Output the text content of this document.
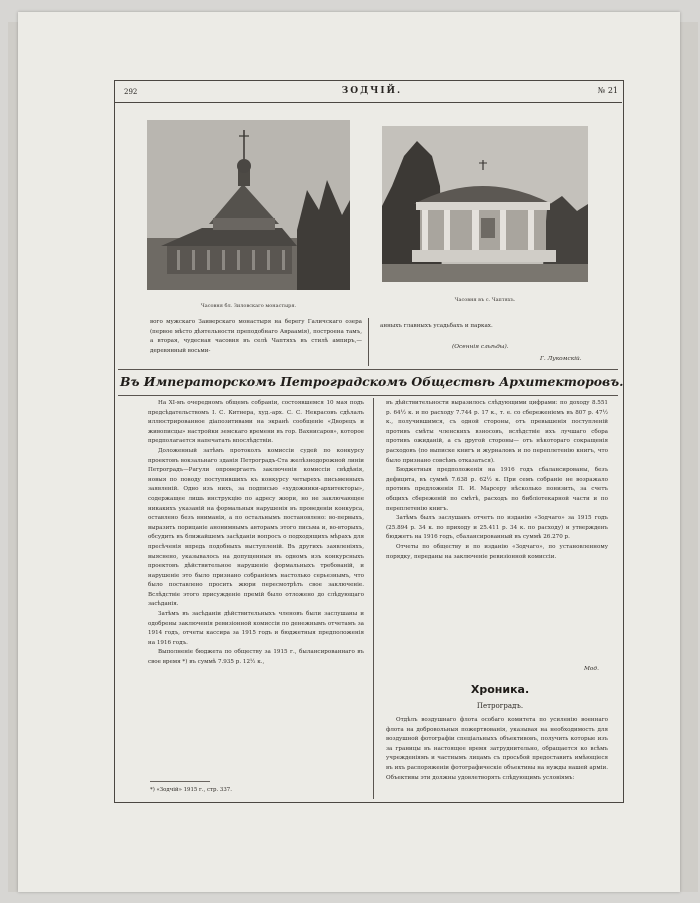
292	ЗОДЧІЙ.	№ 21
Часовня бл. Зиловскаго монастыря.
Часовня въ с. Чаптяхъ.

вого мужскаго Заиверскаго монастыря на берегу Галичскаго озера (первое мѣсто дѣятельности преподобнаго Авраамія), построена тамъ, а вторая, чудесная часовня въ селѣ Чаптяхъ въ стилѣ ампиръ,—деревянный восьми-

анныхъ главныхъ усадьбахъ и парках.

(Осеннiя сльѣды).
Г. Лукомскій.
Въ Императорскомъ Петроградскомъ Обществѣ Архитекторовъ.

На XI-мъ очередномъ общемъ собраніи, состоявшемся 10 мая подъ предсѣдательствомъ I. С. Китнера, худ.-арх. С. С. Некрасовъ сдѣлалъ иллюстрированное діапозитивами на экранѣ сообщеніе «Дворецъ и живописцы» настройки земскаго времени въ гор. Вахнисаров», которое предполагается напечатать впослѣдствіи.

Доложенный затѣмъ протоколъ комиссіи судей по конкурсу проектовъ вокзальнаго зданія Петроградъ-Ста желѣзнодорожной линіи Петроградъ—Рагули опровергаетъ заключенія комиссіи свѣдѣнія, новыя по поводу поступившихъ къ конкурсу четырехъ письменныхъ заявленій. Одно изъ нихъ, за подписью «художники-архитекторы», содержащее лишь инструкцію по адресу жюри, но не заключающее никакихъ указаній на формальныя нарушенія въ проведеніи конкурса, оставлено безъ вниманія, а по остальнымъ постановлено: во-первыхъ, выразить порицаніе анонимнымъ авторамъ этого письма и, во-вторыхъ, обсудить въ ближайшемъ засѣданіи вопросъ о подходящихъ мѣрахъ для пресѣченія впредь подобныхъ выступленій. Въ другихъ заявленіяхъ, выяснено, указывалось на допущенныя въ одномъ изъ конкурсныхъ проектовъ дѣйствительное нарушеніе формальныхъ требованій, и нарушеніе это было признано собраніемъ настолько серьезнымъ, что было поставлено просить жюри пересмотрѣть свое заключеніе. Вслѣдствіе этого присужденіе премій было отложено до слѣдующаго засѣданія.

Затѣмъ въ засѣданіи дѣйствительныхъ членовъ были заслушаны и одобрены заключенія ревизіонной комиссіи по денежнымъ отчетамъ за 1914 годъ, отчеты кассира за 1915 годъ и бюджетныя предположенія на 1916 годъ.

Выполненіе бюджета по обществу за 1915 г., былансированнаго въ свое время *) въ суммѣ 7.935 р. 12½ к.,

*) «Зодчій» 1915 г., стр. 337.

въ дѣйствительности выразилось слѣдующими цифрами: по доходу 8.551 р. 64½ к. и по расходу 7.744 р. 17 к., т. е. со сбереженіемъ въ 807 р. 47½ к., получившимся, съ одной стороны, отъ превышенія поступленій противъ смѣты членскихъ взносовъ, вслѣдствіе ихъ лучшаго сбора противъ ожиданій, а съ другой стороны— отъ нѣкотораго сокращенія расходовъ (по выписке книгъ и журналовъ и по переплетенію книгъ, что было признано совсѣмъ отказаться).

Бюджетныя предположенія на 1916 годъ сбалансированы, безъ дефицита, въ суммѣ 7.638 р. 62½ к. При семъ собраніе не возражало противъ предложенія П. И. Марсеру нѣсколько понизить, за счетъ общихъ сбереженій по смѣтѣ, расходъ по библіотекарной части и по переплетенію книгъ.

Затѣмъ былъ заслушанъ отчетъ по изданію «Зодчаго» за 1915 годъ (25.894 р. 34 к. по приходу и 25.411 р. 34 к. по расходу) и утвержденъ бюджетъ на 1916 годъ, сбалансированный въ суммѣ 26.270 р.

Отчеты по обществу и по изданію «Зодчаго», по установленному порядку, переданы на заключеніе ревизіонной комиссіи.

Мод.
Хроника.
Петроградъ.

Отдѣлъ воздушнаго флота особаго комитета по усиленію военнаго флота на добровольныя пожертвованія, указывая на необходимость для воздушной фотографіи спеціальныхъ объективовъ, получить которые изъ за границы въ настоящее время затруднительно, обращается ко всѣмъ учрежденіямъ и частнымъ лицамъ съ просьбой предоставить имѣющіеся въ ихъ распоряженіи фотографическіе объективы на нужды нашей арміи. Объективы эти должны удовлетворять слѣдующимъ условіямъ:
